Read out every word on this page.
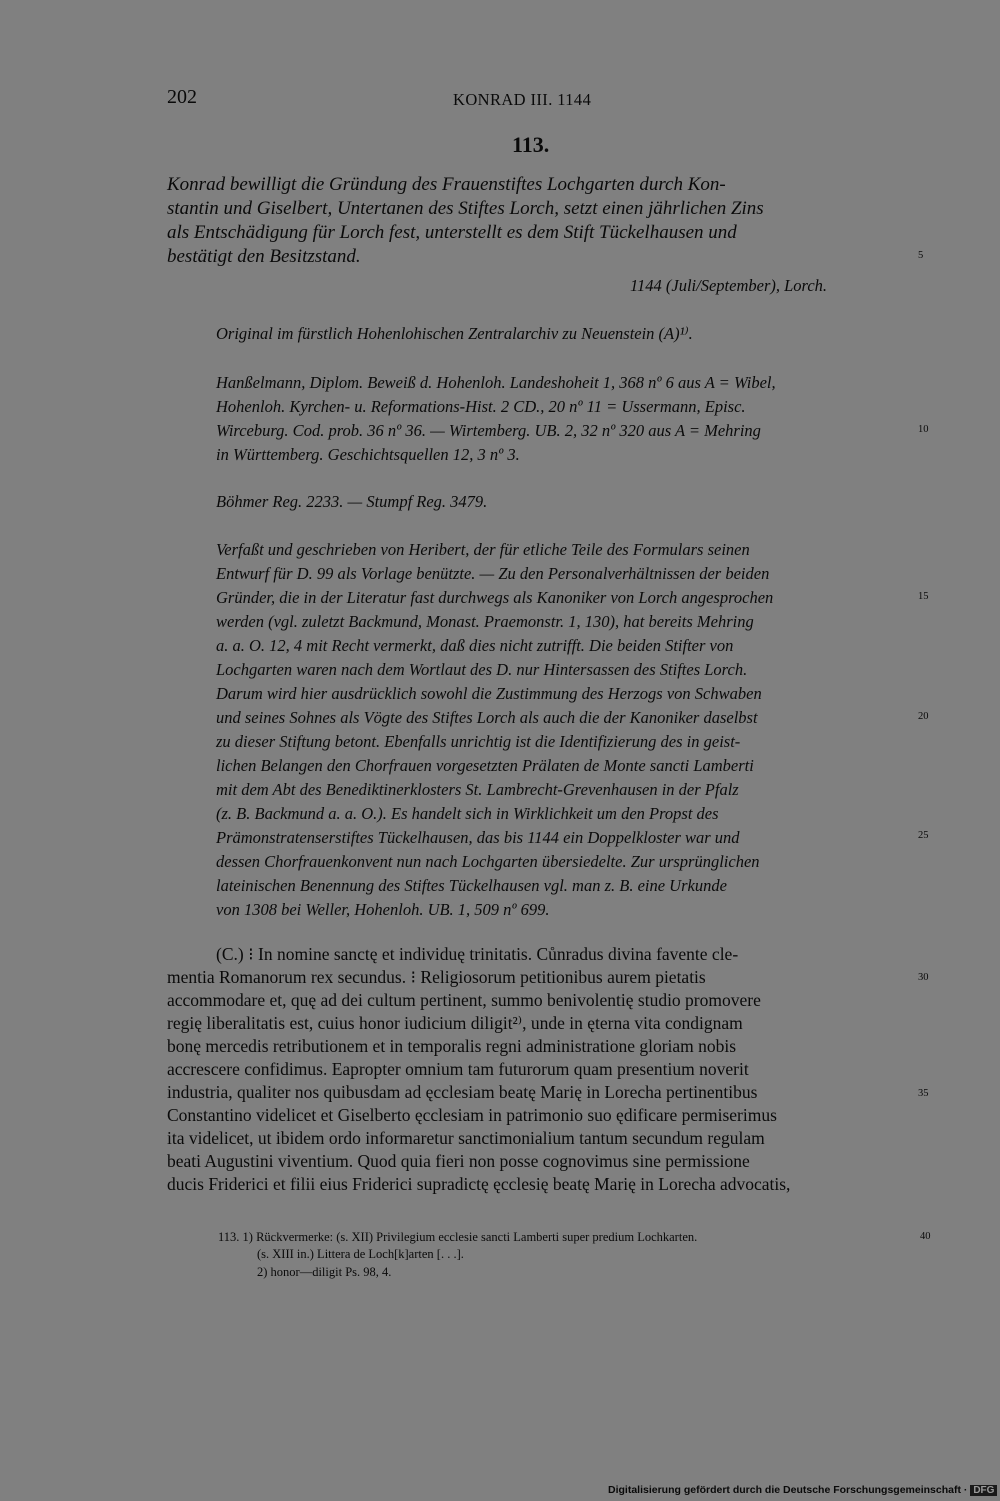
202	KONRAD III. 1144
113.
Konrad bewilligt die Gründung des Frauenstiftes Lochgarten durch Kon-
stantin und Giselbert, Untertanen des Stiftes Lorch, setzt einen jährlichen Zins
als Entschädigung für Lorch fest, unterstellt es dem Stift Tückelhausen und
bestätigt den Besitzstand.
1144 (Juli/September), Lorch.
Original im fürstlich Hohenlohischen Zentralarchiv zu Neuenstein (A)¹⁾.
Hanßelmann, Diplom. Beweiß d. Hohenloh. Landeshoheit 1, 368 nº 6 aus A = Wibel,
Hohenloh. Kyrchen- u. Reformations-Hist. 2 CD., 20 nº 11 = Ussermann, Episc.
Wirceburg. Cod. prob. 36 nº 36. — Wirtemberg. UB. 2, 32 nº 320 aus A = Mehring
in Württemberg. Geschichtsquellen 12, 3 nº 3.
Böhmer Reg. 2233. — Stumpf Reg. 3479.
Verfaßt und geschrieben von Heribert, der für etliche Teile des Formulars seinen
Entwurf für D. 99 als Vorlage benützte. — Zu den Personalverhältnissen der beiden
Gründer, die in der Literatur fast durchwegs als Kanoniker von Lorch angesprochen
werden (vgl. zuletzt Backmund, Monast. Praemonstr. 1, 130), hat bereits Mehring
a. a. O. 12, 4 mit Recht vermerkt, daß dies nicht zutrifft. Die beiden Stifter von
Lochgarten waren nach dem Wortlaut des D. nur Hintersassen des Stiftes Lorch.
Darum wird hier ausdrücklich sowohl die Zustimmung des Herzogs von Schwaben
und seines Sohnes als Vögte des Stiftes Lorch als auch die der Kanoniker daselbst
zu dieser Stiftung betont. Ebenfalls unrichtig ist die Identifizierung des in geist-
lichen Belangen den Chorfrauen vorgesetzten Prälaten de Monte sancti Lamberti
mit dem Abt des Benediktinerklosters St. Lambrecht-Grevenhausen in der Pfalz
(z. B. Backmund a. a. O.). Es handelt sich in Wirklichkeit um den Propst des
Prämonstratenserstiftes Tückelhausen, das bis 1144 ein Doppelkloster war und
dessen Chorfrauenkonvent nun nach Lochgarten übersiedelte. Zur ursprünglichen
lateinischen Benennung des Stiftes Tückelhausen vgl. man z. B. eine Urkunde
von 1308 bei Weller, Hohenloh. UB. 1, 509 nº 699.
(C.) ⁝ In nomine sanctę et individuę trinitatis. Cůnradus divina favente cle-
mentia Romanorum rex secundus. ⁝ Religiosorum petitionibus aurem pietatis
accommodare et, quę ad dei cultum pertinent, summo benivolentię studio promovere
regię liberalitatis est, cuius honor iudicium diligit²⁾, unde in ęterna vita condignam
bonę mercedis retributionem et in temporalis regni administratione gloriam nobis
accrescere confidimus. Eapropter omnium tam futurorum quam presentium noverit
industria, qualiter nos quibusdam ad ęcclesiam beatę Marię in Lorecha pertinentibus
Constantino videlicet et Giselberto ęcclesiam in patrimonio suo ędificare permiserimus
ita videlicet, ut ibidem ordo informaretur sanctimonialium tantum secundum regulam
beati Augustini viventium. Quod quia fieri non posse cognovimus sine permissione
ducis Friderici et filii eius Friderici supradictę ęcclesię beatę Marię in Lorecha advocatis,
5
10
15
20
25
30
35
40
113. 1) Rückvermerke: (s. XII) Privilegium ecclesie sancti Lamberti super predium Lochkarten.
(s. XIII in.) Littera de Loch[k]arten [. . .].
2) honor—diligit Ps. 98, 4.
Digitalisierung gefördert durch die Deutsche Forschungsgemeinschaft · DFG
